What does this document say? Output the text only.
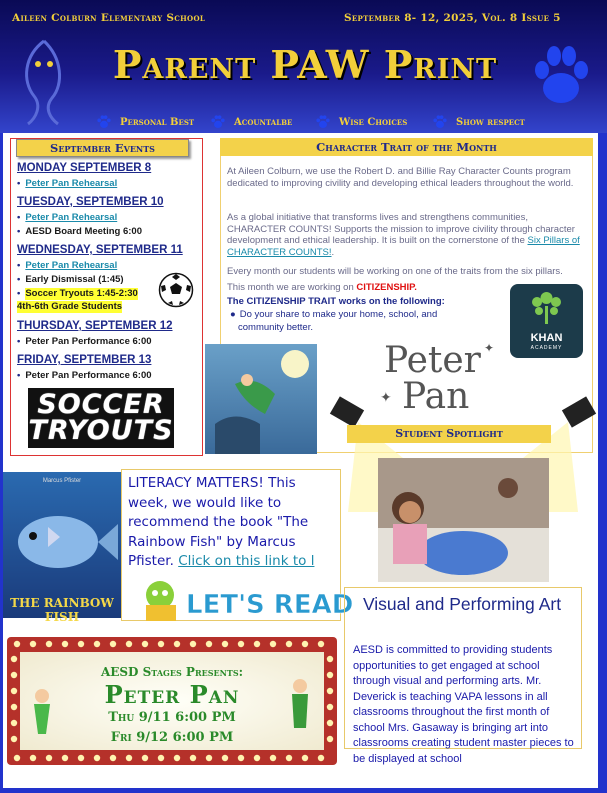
Aileen Colburn Elementary School	September 8- 12, 2025, Vol. 8 Issue 5
Parent PAW Print
Personal Best	Acountalbe	Wise Choices	Show respect
September Events
MONDAY SEPTEMBER 8
• Peter Pan Rehearsal
TUESDAY, SEPTEMBER 10
• Peter Pan Rehearsal
• AESD Board Meeting 6:00
WEDNESDAY, SEPTEMBER 11
• Peter Pan Rehearsal
• Early Dismissal (1:45)
• Soccer Tryouts 1:45-2:30
4th-6th Grade Students
THURSDAY, SEPTEMBER 12
• Peter Pan Performance 6:00
FRIDAY, SEPTEMBER 13
• Peter Pan Performance 6:00
SOCCER
TRYOUTS
Character Trait of the Month
At Aileen Colburn, we use the Robert D. and Billie Ray Character Counts program dedicated to improving civility and developing ethical leaders throughout the world.
As a global initiative that transforms lives and strengthens communities, CHARACTER COUNTS! Supports the mission to improve civility through character development and ethical leadership. It is built on the cornerstone of the Six Pillars of CHARACTER COUNTS!.
Every month our students will be working on one of the traits from the six pillars. This month we are working on CITIZENSHIP.
The CITIZENSHIP TRAIT works on the following:
● Do your share to make your home, school, and community better.
KHAN
ACADEMY
Peter
Pan
✦
✦
Student Spotlight
Marcus Pfister
THE RAINBOW FISH
LITERACY MATTERS! This week, we would like to recommend the book "The Rainbow Fish" by Marcus Pfister. Click on this link to l
LET'S READ Visual and Performing Art
AESD is committed to providing students opportunities to get engaged at school through visual and performing arts. Mr. Deverick is teaching VAPA lessons in all classrooms throughout the first month of school Mrs. Gasaway is bringing art into classrooms creating student master pieces to be displayed at school
AESD Stages Presents:
Peter Pan
Thu 9/11 6:00 PM
Fri 9/12 6:00 PM
